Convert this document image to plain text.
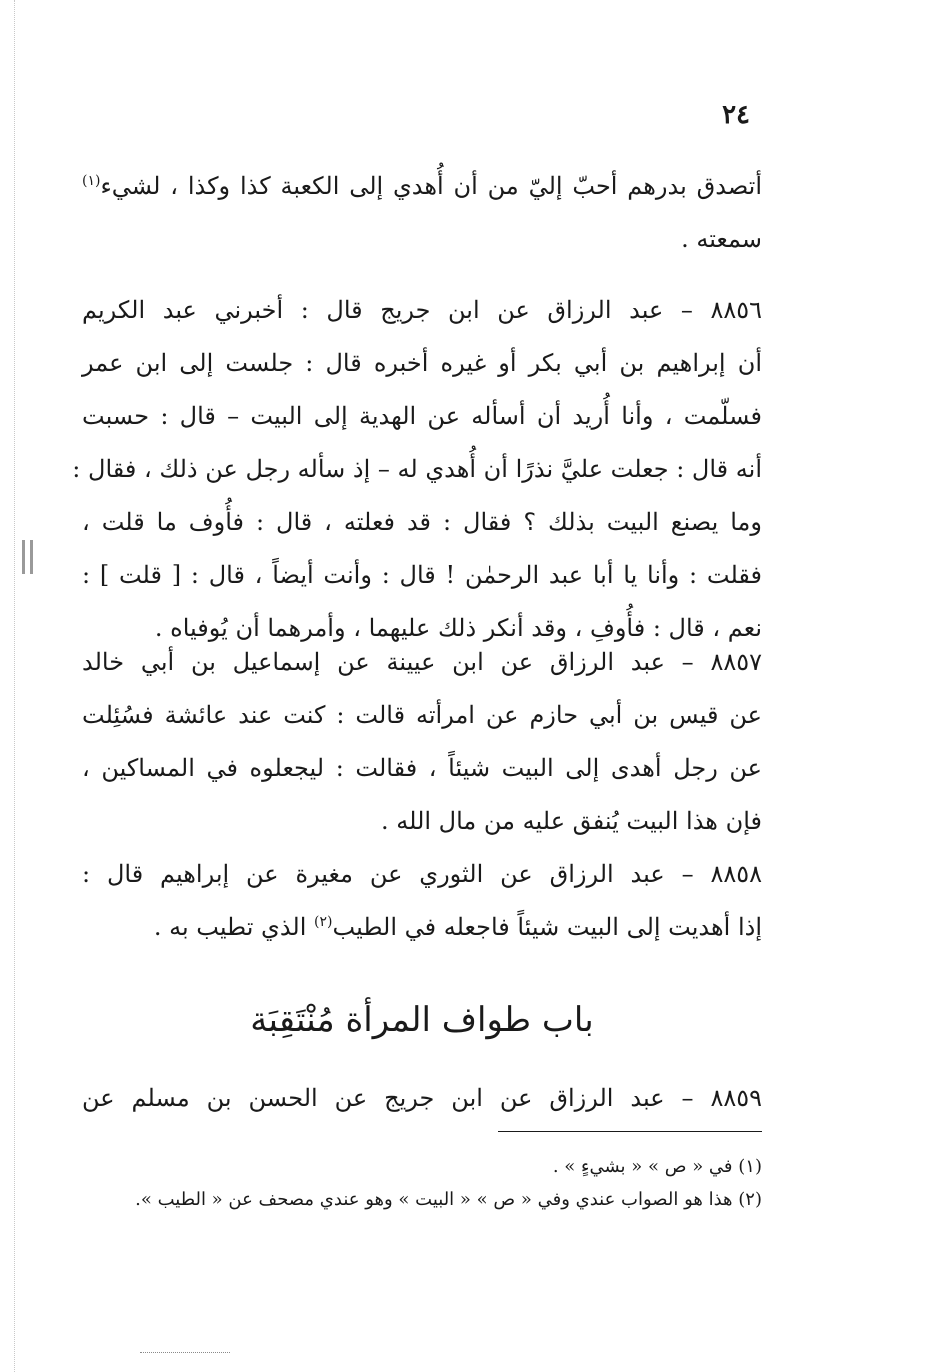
٢٤
أتصدق بدرهم أحبّ إليّ من أن أُهدي إلى الكعبة كذا وكذا ، لشيء$^{(١)}$
سمعته .
٨٨٥٦ – عبد الرزاق عن ابن جريج قال : أخبرني عبد الكريم
أن إبراهيم بن أبي بكر أو غيره أخبره قال : جلست إلى ابن عمر
فسلّمت ، وأنا أُريد أن أسأله عن الهدية إلى البيت – قال : حسبت
أنه قال : جعلت عليَّ نذرًا أن أُهدي له – إذ سأله رجل عن ذلك ، فقال :
وما يصنع البيت بذلك ؟ فقال : قد فعلته ، قال : فأُوف ما قلت ،
فقلت : وأنا يا أبا عبد الرحمٰن ! قال : وأنت أيضاً ، قال : [ قلت ] :
نعم ، قال : فأُوفِ ، وقد أنكر ذلك عليهما ، وأمرهما أن يُوفياه .
٨٨٥٧ – عبد الرزاق عن ابن عيينة عن إسماعيل بن أبي خالد
عن قيس بن أبي حازم عن امرأته قالت : كنت عند عائشة فسُئِلت
عن رجل أهدى إلى البيت شيئاً ، فقالت : ليجعلوه في المساكين ،
فإن هذا البيت يُنفق عليه من مال الله .
٨٨٥٨ – عبد الرزاق عن الثوري عن مغيرة عن إبراهيم قال :
إذا أهديت إلى البيت شيئاً فاجعله في الطيب$^{(٢)}$ الذي تطيب به .
باب طواف المرأة مُنْتَقِبَة
٨٨٥٩ – عبد الرزاق عن ابن جريج عن الحسن بن مسلم عن
(١) في « ص » « بشيءٍ » .
(٢) هذا هو الصواب عندي وفي « ص » « البيت » وهو عندي مصحف عن « الطيب ».
